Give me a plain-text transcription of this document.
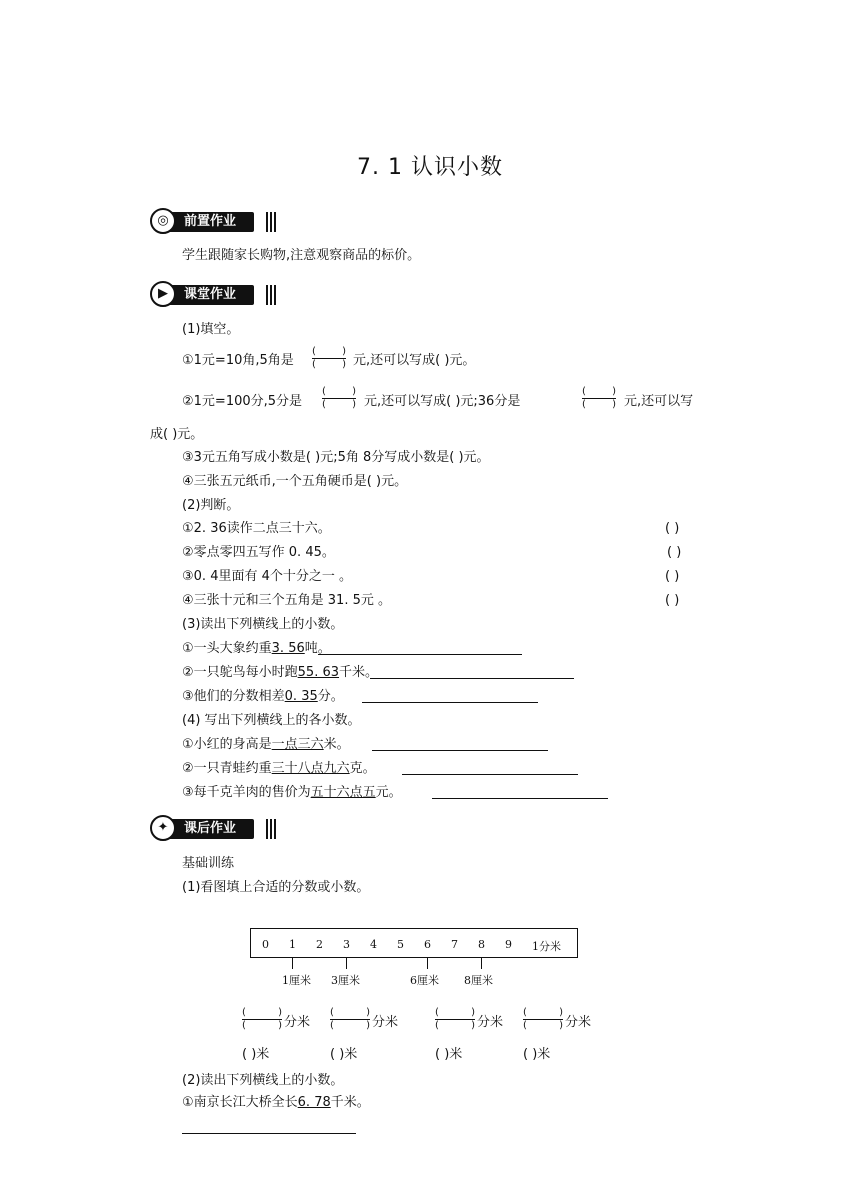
7. 1 认识小数
前置作业
◎
学生跟随家长购物,注意观察商品的标价。
课堂作业
▶
(1)填空。
①1元=10角,5角是
(	)
(	) 元,还可以写成( )元。
②1元=100分,5分是
(	)
(	) 元,还可以写成( )元;36分是
(	)
(	) 元,还可以写
成( )元。
③3元五角写成小数是( )元;5角 8分写成小数是( )元。
④三张五元纸币,一个五角硬币是( )元。
(2)判断。
①2. 36读作二点三十六。	( )
②零点零四五写作 0. 45。	( )
③0. 4里面有 4个十分之一 。	( )
④三张十元和三个五角是 31. 5元 。	( )
(3)读出下列横线上的小数。
①一头大象约重3. 56吨。
②一只鸵鸟每小时跑55. 63千米。
③他们的分数相差0. 35分。
(4) 写出下列横线上的各小数。
①小红的身高是一点三六米。
②一只青蛙约重三十八点九六克。
③每千克羊肉的售价为五十六点五元。
课后作业
✦
基础训练
(1)看图填上合适的分数或小数。
0 1 2 3 4 5 6 7 8 9 1分米
1厘米 3厘米	6厘米 8厘米
(	)
(	) 分米
(	)
(	) 分米
(	)
(	) 分米
(	)
(	) 分米
( )米	( )米	( )米	( )米
(2)读出下列横线上的小数。
①南京长江大桥全长6. 78千米。
